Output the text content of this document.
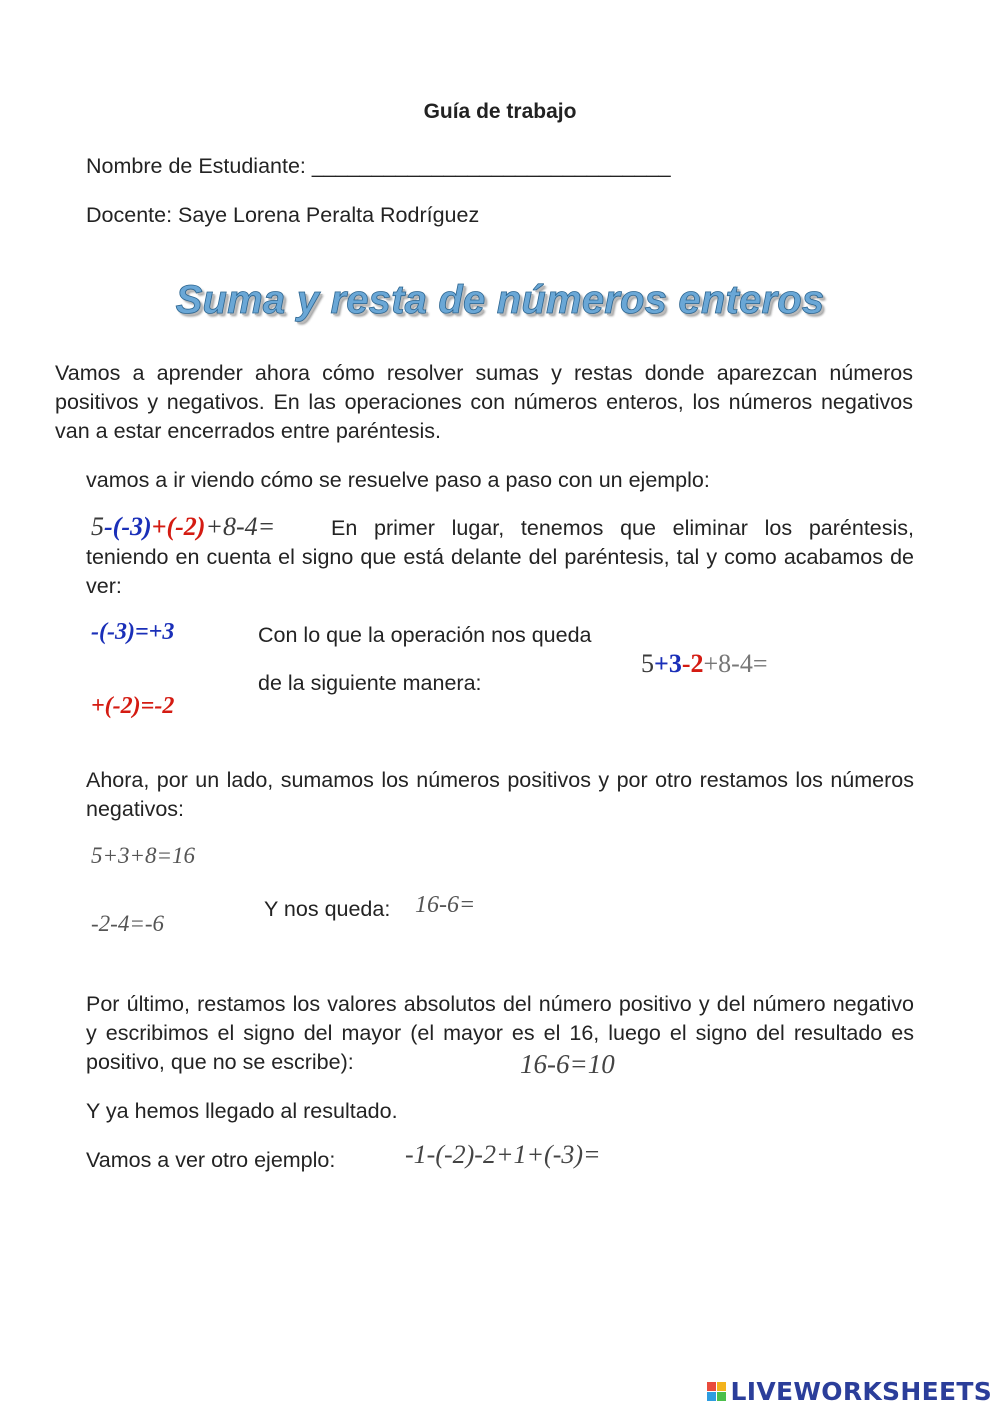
Guía de trabajo
Nombre de Estudiante: ______________________________
Docente: Saye Lorena Peralta Rodríguez
Suma y resta de números enteros
Vamos a aprender ahora cómo resolver sumas y restas donde aparezcan números positivos y negativos. En las operaciones con números enteros, los números negativos van a estar encerrados entre paréntesis.
vamos a ir viendo cómo se resuelve paso a paso con un ejemplo:
5-(-3)+(-2)+8-4=	En primer lugar, tenemos que eliminar los paréntesis, teniendo en cuenta el signo que está delante del paréntesis, tal y como acabamos de ver:
-(-3)=+3
+(-2)=-2
Con lo que la operación nos queda
de la siguiente manera:
5+3-2+8-4=
Ahora, por un lado, sumamos los números positivos y por otro restamos los números negativos:
5+3+8=16
-2-4=-6
Y nos queda: 16-6=
Por último, restamos los valores absolutos del número positivo y del número negativo y escribimos el signo del mayor (el mayor es el 16, luego el signo del resultado es positivo, que no se escribe):	16-6=10
Y ya hemos llegado al resultado.
Vamos a ver otro ejemplo:	-1-(-2)-2+1+(-3)=

LIVEWORKSHEETS
